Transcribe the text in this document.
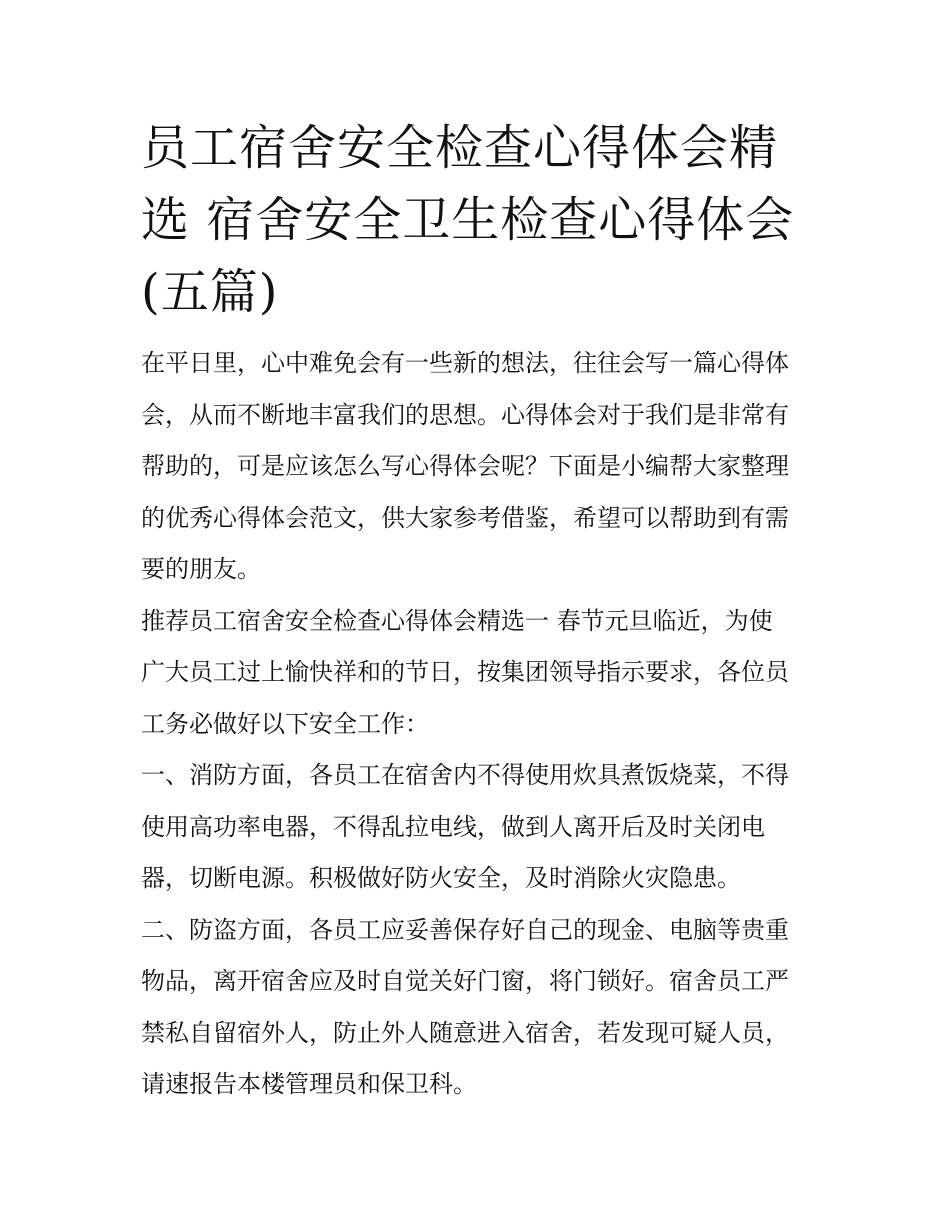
员工宿舍安全检查心得体会精
选 宿舍安全卫生检查心得体会
(五篇)

在平日里，心中难免会有一些新的想法，往往会写一篇心得体
会，从而不断地丰富我们的思想。心得体会对于我们是非常有
帮助的，可是应该怎么写心得体会呢？下面是小编帮大家整理
的优秀心得体会范文，供大家参考借鉴，希望可以帮助到有需
要的朋友。

推荐员工宿舍安全检查心得体会精选一 春节元旦临近，为使
广大员工过上愉快祥和的节日，按集团领导指示要求，各位员
工务必做好以下安全工作：

一、消防方面，各员工在宿舍内不得使用炊具煮饭烧菜，不得
使用高功率电器，不得乱拉电线，做到人离开后及时关闭电
器，切断电源。积极做好防火安全，及时消除火灾隐患。

二、防盗方面，各员工应妥善保存好自己的现金、电脑等贵重
物品，离开宿舍应及时自觉关好门窗，将门锁好。宿舍员工严
禁私自留宿外人，防止外人随意进入宿舍，若发现可疑人员，
请速报告本楼管理员和保卫科。
